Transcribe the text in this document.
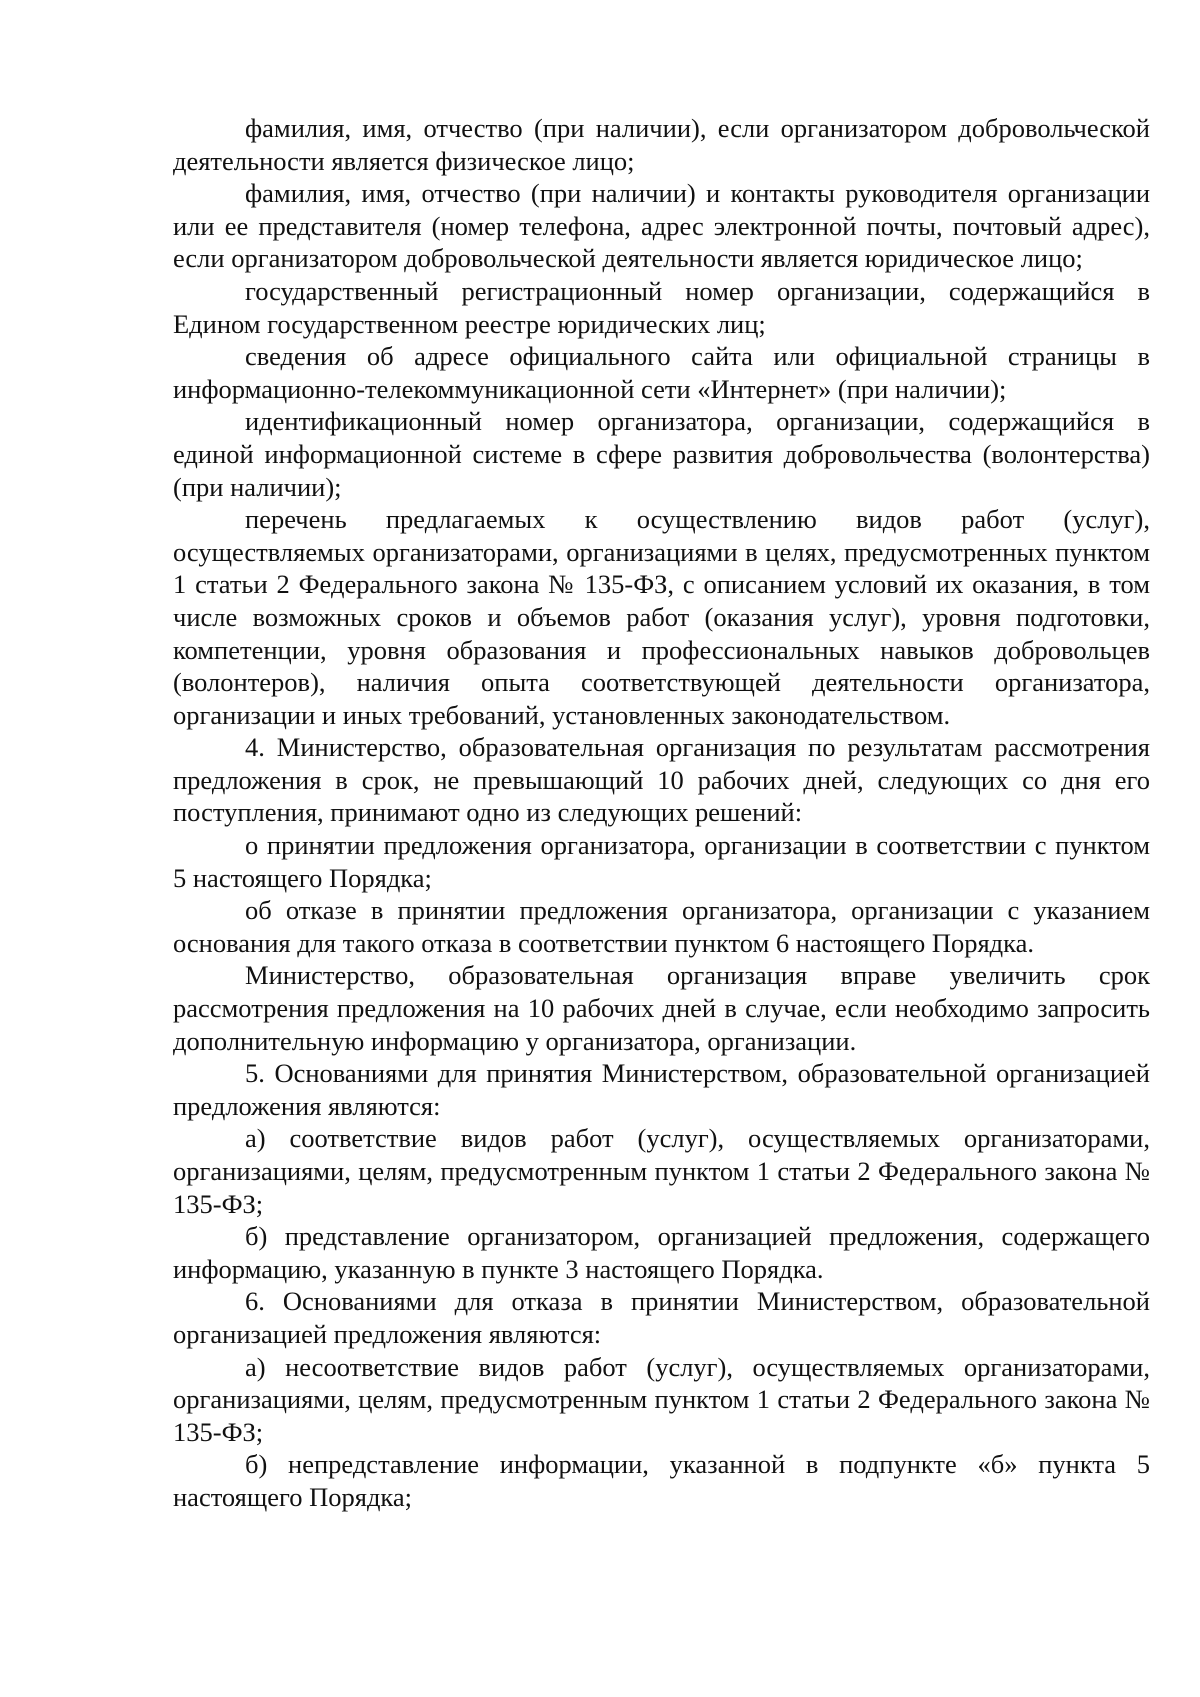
фамилия, имя, отчество (при наличии), если организатором добровольческой деятельности является физическое лицо;

фамилия, имя, отчество (при наличии) и контакты руководителя организации или ее представителя (номер телефона, адрес электронной почты, почтовый адрес), если организатором добровольческой деятельности является юридическое лицо;

государственный регистрационный номер организации, содержащийся в Едином государственном реестре юридических лиц;

сведения об адресе официального сайта или официальной страницы в информационно-телекоммуникационной сети «Интернет» (при наличии);

идентификационный номер организатора, организации, содержащийся в единой информационной системе в сфере развития добровольчества (волонтерства) (при наличии);

перечень предлагаемых к осуществлению видов работ (услуг), осуществляемых организаторами, организациями в целях, предусмотренных пунктом 1 статьи 2 Федерального закона № 135-ФЗ, с описанием условий их оказания, в том числе возможных сроков и объемов работ (оказания услуг), уровня подготовки, компетенции, уровня образования и профессиональных навыков добровольцев (волонтеров), наличия опыта соответствующей деятельности организатора, организации и иных требований, установленных законодательством.

4. Министерство, образовательная организация по результатам рассмотрения предложения в срок, не превышающий 10 рабочих дней, следующих со дня его поступления, принимают одно из следующих решений:

о принятии предложения организатора, организации в соответствии с пунктом 5 настоящего Порядка;

об отказе в принятии предложения организатора, организации с указанием основания для такого отказа в соответствии пунктом 6 настоящего Порядка.

Министерство, образовательная организация вправе увеличить срок рассмотрения предложения на 10 рабочих дней в случае, если необходимо запросить дополнительную информацию у организатора, организации.

5. Основаниями для принятия Министерством, образовательной организацией предложения являются:

а) соответствие видов работ (услуг), осуществляемых организаторами, организациями, целям, предусмотренным пунктом 1 статьи 2 Федерального закона № 135-ФЗ;

б) представление организатором, организацией предложения, содержащего информацию, указанную в пункте 3 настоящего Порядка.

6. Основаниями для отказа в принятии Министерством, образовательной организацией предложения являются:

а) несоответствие видов работ (услуг), осуществляемых организаторами, организациями, целям, предусмотренным пунктом 1 статьи 2 Федерального закона № 135-ФЗ;

б) непредставление информации, указанной в подпункте «б» пункта 5 настоящего Порядка;
